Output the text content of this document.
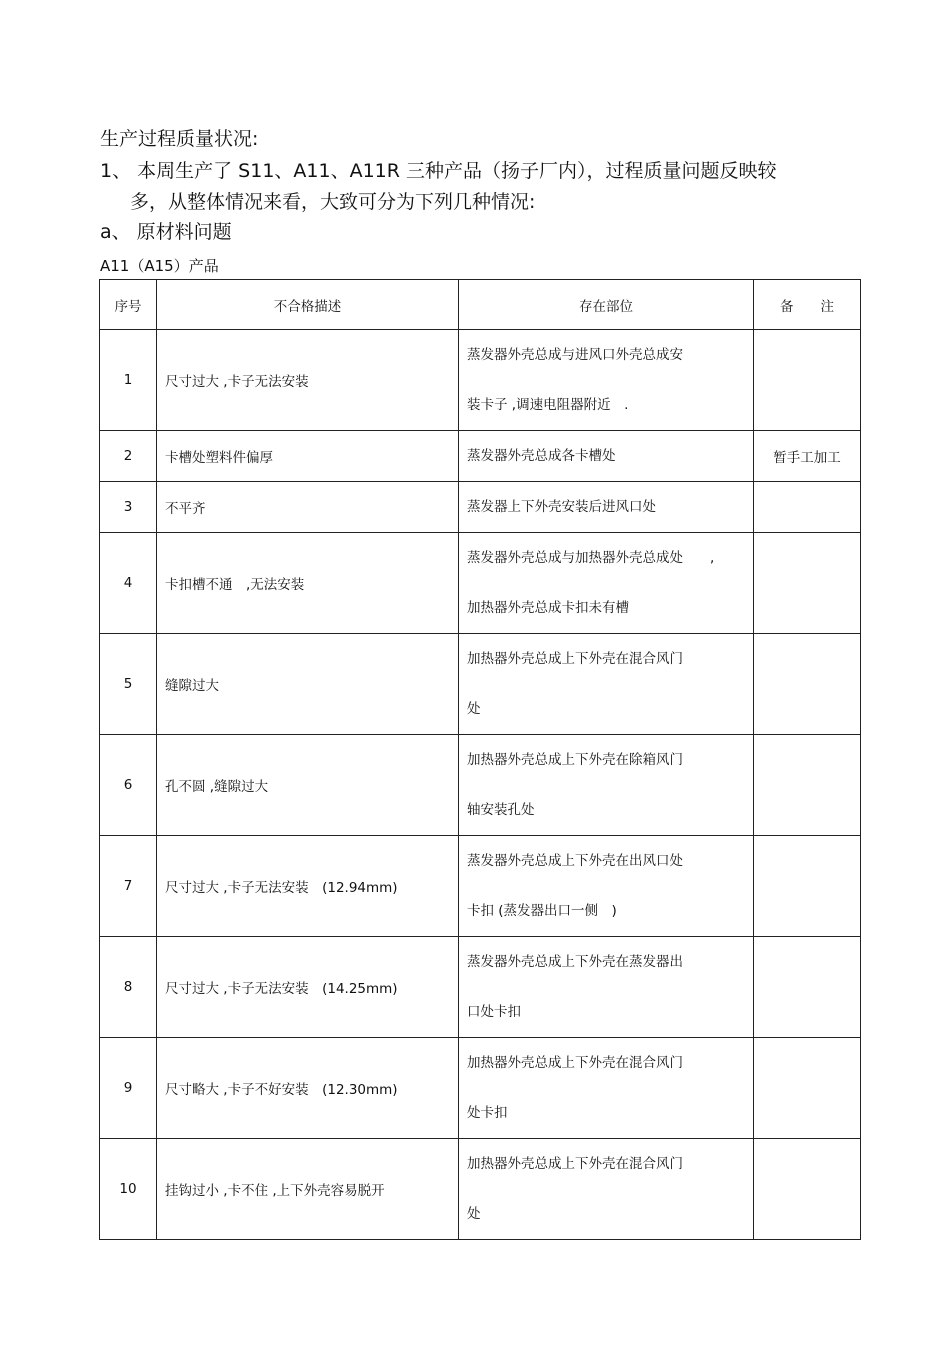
生产过程质量状况:
1、 本周生产了 S11、A11、A11R 三种产品（扬子厂内），过程质量问题反映较
多，从整体情况来看，大致可分为下列几种情况:
a、 原材料问题
A11（A15）产品
序号	不合格描述	存在部位	备　　注
1	尺寸过大 ,卡子无法安装	蒸发器外壳总成与进风口外壳总成安
装卡子 ,调速电阻器附近　.	

2	卡槽处塑料件偏厚	蒸发器外壳总成各卡槽处	暂手工加工
3	不平齐	蒸发器上下外壳安装后进风口处	

4	卡扣槽不通　,无法安装	蒸发器外壳总成与加热器外壳总成处　　,
加热器外壳总成卡扣未有槽	

5	缝隙过大	加热器外壳总成上下外壳在混合风门
处	

6	孔不圆 ,缝隙过大	加热器外壳总成上下外壳在除箱风门
轴安装孔处	

7	尺寸过大 ,卡子无法安装　(12.94mm)	蒸发器外壳总成上下外壳在出风口处
卡扣 (蒸发器出口一侧　)	

8	尺寸过大 ,卡子无法安装　(14.25mm)	蒸发器外壳总成上下外壳在蒸发器出
口处卡扣	

9	尺寸略大 ,卡子不好安装　(12.30mm)	加热器外壳总成上下外壳在混合风门
处卡扣	

10	挂钩过小 ,卡不住 ,上下外壳容易脱开	加热器外壳总成上下外壳在混合风门
处	
